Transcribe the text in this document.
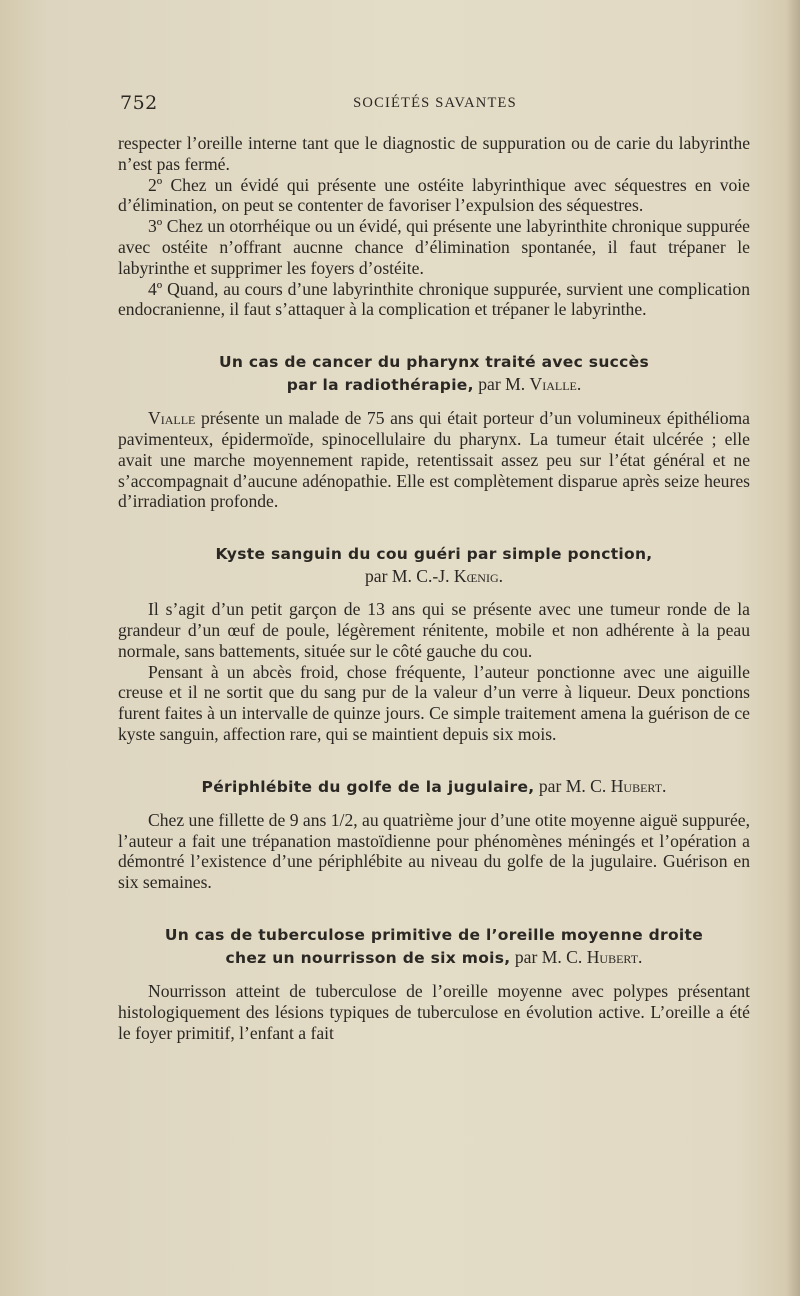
752	SOCIÉTÉS SAVANTES

respecter l’oreille interne tant que le diagnostic de suppuration ou de carie du labyrinthe n’est pas fermé.

2º Chez un évidé qui présente une ostéite labyrinthique avec séquestres en voie d’élimination, on peut se contenter de favoriser l’expulsion des séquestres.

3º Chez un otorrhéique ou un évidé, qui présente une labyrinthite chronique suppurée avec ostéite n’offrant aucnne chance d’élimination spontanée, il faut trépaner le labyrinthe et supprimer les foyers d’ostéite.

4º Quand, au cours d’une labyrinthite chronique suppurée, survient une complication endocranienne, il faut s’attaquer à la complication et trépaner le labyrinthe.

Un cas de cancer du pharynx traité avec succès
par la radiothérapie, par M. Vialle.

Vialle présente un malade de 75 ans qui était porteur d’un volumineux épithélioma pavimenteux, épidermoïde, spinocellulaire du pharynx. La tumeur était ulcérée ; elle avait une marche moyennement rapide, retentissait assez peu sur l’état général et ne s’accompagnait d’aucune adénopathie. Elle est complètement disparue après seize heures d’irradiation profonde.

Kyste sanguin du cou guéri par simple ponction,
par M. C.-J. Kœnig.

Il s’agit d’un petit garçon de 13 ans qui se présente avec une tumeur ronde de la grandeur d’un œuf de poule, légèrement rénitente, mobile et non adhérente à la peau normale, sans battements, située sur le côté gauche du cou.

Pensant à un abcès froid, chose fréquente, l’auteur ponctionne avec une aiguille creuse et il ne sortit que du sang pur de la valeur d’un verre à liqueur. Deux ponctions furent faites à un intervalle de quinze jours. Ce simple traitement amena la guérison de ce kyste sanguin, affection rare, qui se maintient depuis six mois.

Périphlébite du golfe de la jugulaire, par M. C. Hubert.

Chez une fillette de 9 ans 1/2, au quatrième jour d’une otite moyenne aiguë suppurée, l’auteur a fait une trépanation mastoïdienne pour phénomènes méningés et l’opération a démontré l’existence d’une périphlébite au niveau du golfe de la jugulaire. Guérison en six semaines.

Un cas de tuberculose primitive de l’oreille moyenne droite
chez un nourrisson de six mois, par M. C. Hubert.

Nourrisson atteint de tuberculose de l’oreille moyenne avec polypes présentant histologiquement des lésions typiques de tuberculose en évolution active. L’oreille a été le foyer primitif, l’enfant a fait
